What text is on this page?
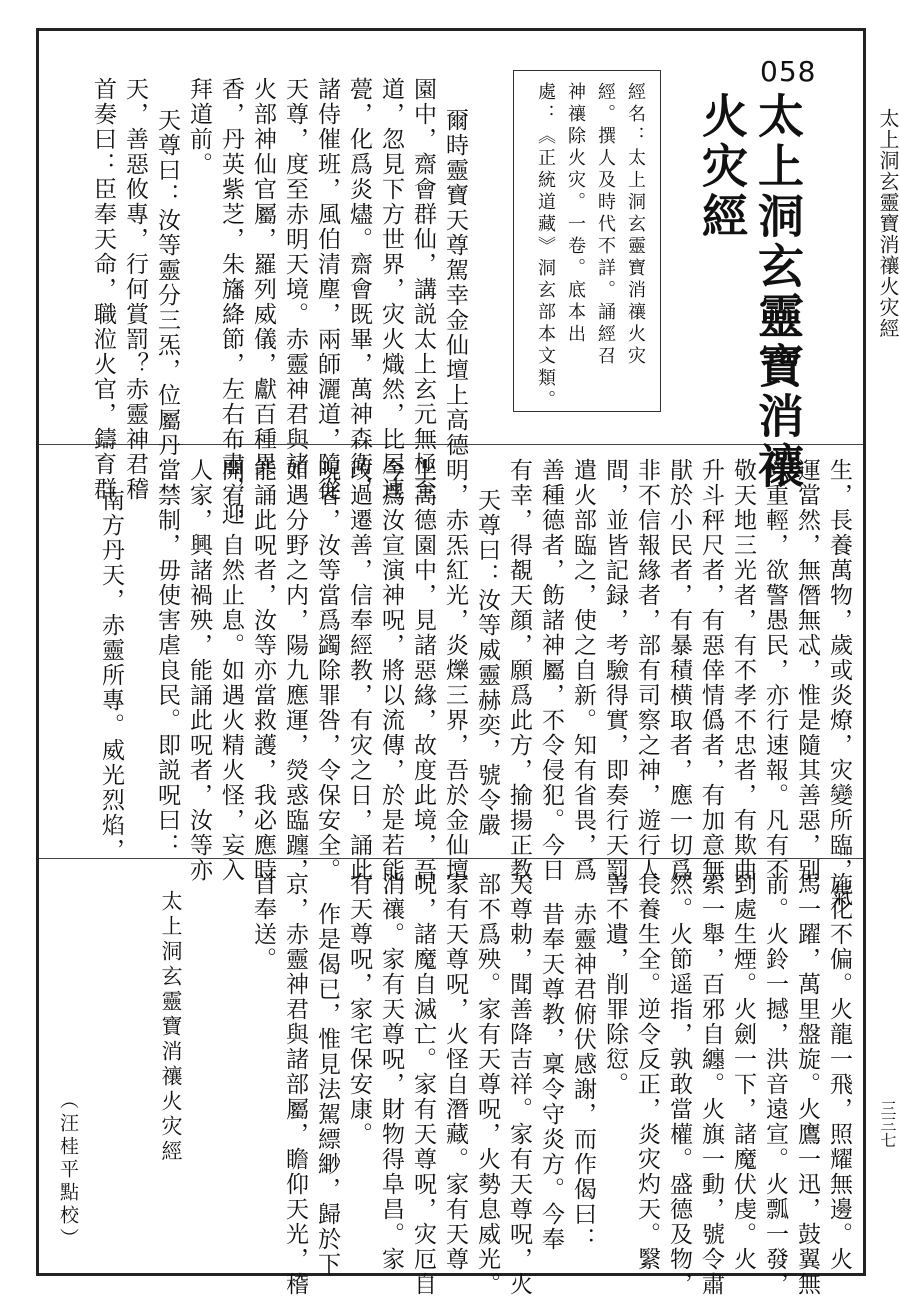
太上洞玄靈寶消禳火灾經
三三七
058
太上洞玄靈寶消禳
火灾經
經名：太上洞玄靈寶消禳火灾
經。撰人及時代不詳。誦經召
神禳除火灾。一卷。底本出
處：《正統道藏》洞玄部本文類。
爾時靈寶天尊駕幸金仙壇上高德
園中，齋會群仙，講説太上玄元無極至
道，忽見下方世界，灾火熾然，比屋連
甍，化爲炎燼。齋會既畢，萬神森衛，
諸侍催班，風伯清塵，兩師灑道，隨從
天尊，度至赤明天境。赤靈神君與諸
火部神仙官屬，羅列威儀，獻百種異
香，丹英紫芝，朱旛絳節，左右布肅，迎
拜道前。
天尊曰：汝等靈分三炁，位屬丹
天，善惡攸專，行何賞罰？赤靈神君稽
首奏曰：臣奉天命，職涖火官，鑄育群
生，長養萬物，歲或炎燎，灾變所臨，氣
運當然，無僭無忒，惟是隨其善惡，别
以重輕，欲警愚民，亦行速報。凡有不
敬天地三光者，有不孝不忠者，有欺曲
升斗秤尺者，有惡倖情僞者，有加意無
猒於小民者，有暴積横取者，應一切爲
非不信報緣者，部有司察之神，遊行人
間，並皆記録，考驗得實，即奏行天罰，
遣火部臨之，使之自新。知有省畏，爲
善種德者，飭諸神屬，不令侵犯。今日
有幸，得覩天顔，願爲此方，揄揚正教。
天尊曰：汝等威靈赫奕，號令嚴
明，赤炁紅光，炎爍三界，吾於金仙壇
上高德園中，見諸惡緣，故度此境，吾
今爲汝宣演神呪，將以流傳，於是若能
改過遷善，信奉經教，有灾之日，誦此
呪者，汝等當爲蠲除罪咎，令保安全。
如遇分野之内，陽九應運，熒惑臨躔，
能誦此呪者，汝等亦當救護，我必應時
開宥，自然止息。如遇火精火怪，妄入
人家，興諸禍殃，能誦此呪者，汝等亦
當禁制，毋使害虐良民。即説呪曰：
南方丹天，赤靈所專。威光烈焰，
施化不偏。火龍一飛，照耀無邊。火
馬一躍，萬里盤旋。火鷹一迅，鼓翼無
前。火鈴一撼，洪音遠宣。火瓢一發，
到處生煙。火劍一下，諸魔伏虔。火
索一舉，百邪自纏。火旗一動，號令肅
然。火節遥指，孰敢當權。盛德及物，
長養生全。逆令反正，炎灾灼天。繄
善不遺，削罪除愆。
赤靈神君俯伏感謝，而作偈曰：
昔奉天尊教，稟令守炎方。今奉
天尊勅，聞善降吉祥。家有天尊呪，火
部不爲殃。家有天尊呪，火勢息威光。
家有天尊呪，火怪自潛藏。家有天尊
呪，諸魔自滅亡。家有天尊呪，灾厄自
消禳。家有天尊呪，財物得阜昌。家
有天尊呪，家宅保安康。
作是偈已，惟見法駕縹緲，歸於下
京，赤靈神君與諸部屬，瞻仰天光，稽
首奉送。
太上洞玄靈寶消禳火灾經
（汪桂平點校）
